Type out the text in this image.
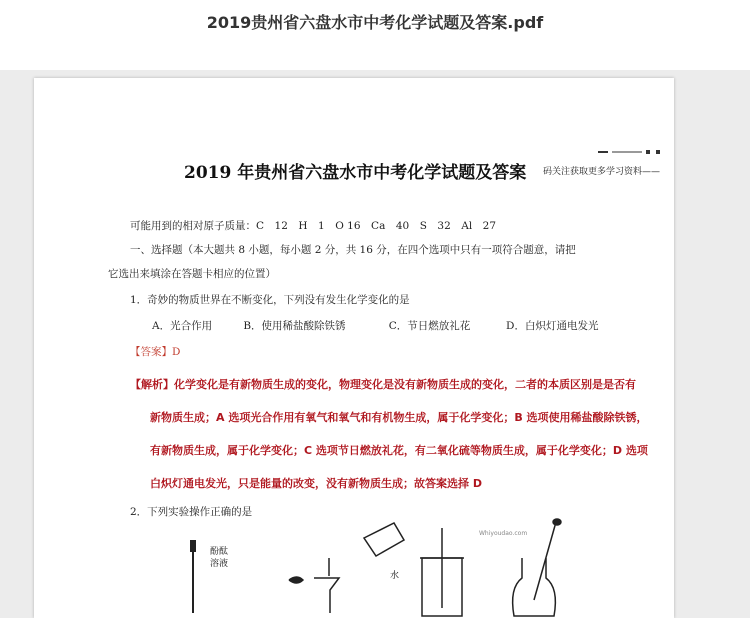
2019贵州省六盘水市中考化学试题及答案.pdf
码关注获取更多学习资料——
2019 年贵州省六盘水市中考化学试题及答案
可能用到的相对原子质量：C　12　H　1　O 16　Ca　40　S　32　Al　27
一、选择题（本大题共 8 小题，每小题 2 分，共 16 分，在四个选项中只有一项符合题意，请把
它选出来填涂在答题卡相应的位置）
1．奇妙的物质世界在不断变化，下列没有发生化学变化的是
A．光合作用	B．使用稀盐酸除铁锈	C．节日燃放礼花	D．白炽灯通电发光
【答案】D
【解析】化学变化是有新物质生成的变化，物理变化是没有新物质生成的变化，二者的本质区别是是否有
新物质生成；A 选项光合作用有氧气和氧气和有机物生成，属于化学变化；B 选项使用稀盐酸除铁锈，
有新物质生成，属于化学变化；C 选项节日燃放礼花，有二氧化硫等物质生成，属于化学变化；D 选项
白炽灯通电发光，只是能量的改变，没有新物质生成；故答案选择 D
2．下列实验操作正确的是
Whiyoudao.com
酚酞
溶液
水
